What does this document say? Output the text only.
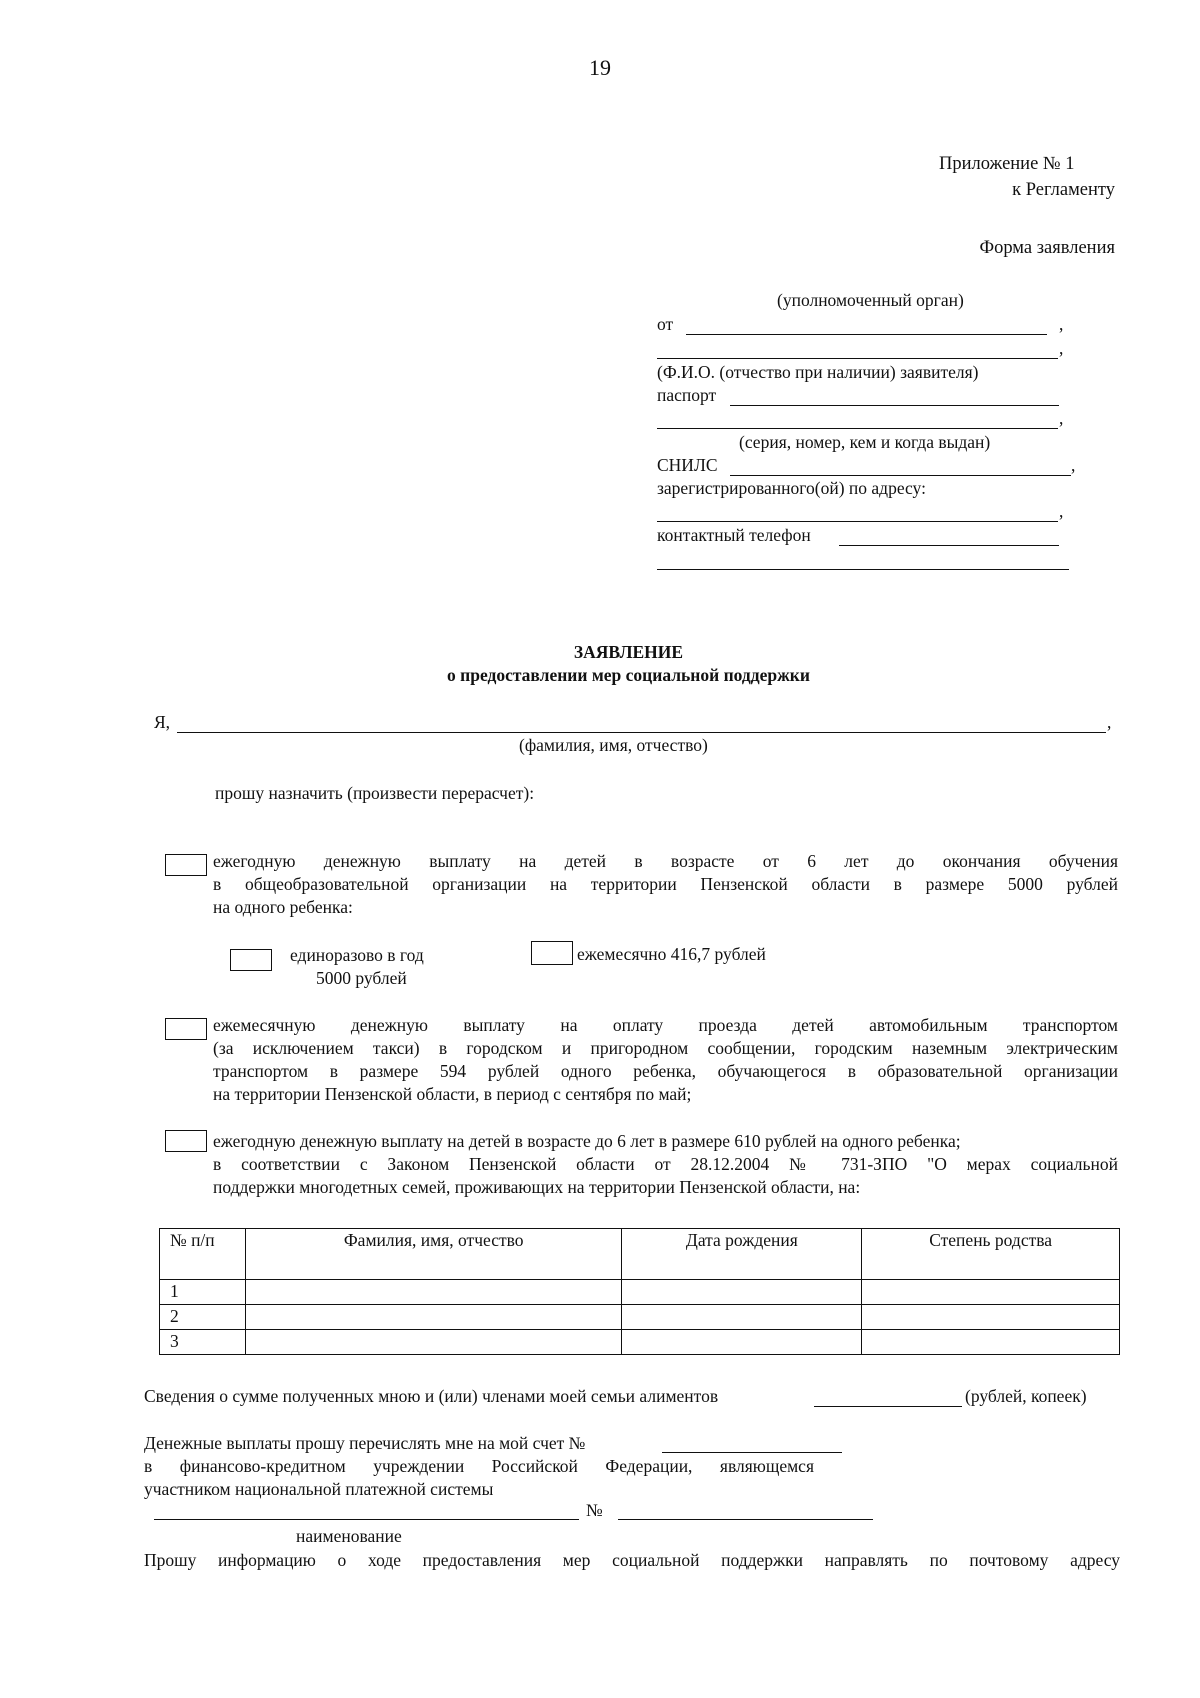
19
Приложение № 1
к Регламенту
Форма заявления
(уполномоченный орган)
от	,
,
(Ф.И.О. (отчество при наличии) заявителя)
паспорт
,
(серия, номер, кем и когда выдан)
СНИЛС	,
зарегистрированного(ой) по адресу:
,
контактный телефон
ЗАЯВЛЕНИЕ
о предоставлении мер социальной поддержки
Я,	,
(фамилия, имя, отчество)
прошу назначить (произвести перерасчет):
ежегодную денежную выплату на детей в возрасте от 6 лет до окончания обучения
в общеобразовательной организации на территории Пензенской области в размере 5000 рублей
на одного ребенка:
единоразово в год
5000 рублей
ежемесячно 416,7 рублей
ежемесячную денежную выплату на оплату проезда детей автомобильным транспортом
(за исключением такси) в городском и пригородном сообщении, городским наземным электрическим
транспортом в размере 594 рублей одного ребенка, обучающегося в образовательной организации
на территории Пензенской области, в период с сентября по май;
ежегодную денежную выплату на детей в возрасте до 6 лет в размере 610 рублей на одного ребенка;
в соответствии с Законом Пензенской области от 28.12.2004 № 731-ЗПО "О мерах социальной
поддержки многодетных семей, проживающих на территории Пензенской области, на:
№ п/п	Фамилия, имя, отчество	Дата рождения	Степень родства
1			
2			
3			
Сведения о сумме полученных мною и (или) членами моей семьи алиментов	(рублей, копеек)
Денежные выплаты прошу перечислять мне на мой счет №
в финансово-кредитном учреждении Российской Федерации, являющемся
участником национальной платежной системы
№
наименование
Прошу информацию о ходе предоставления мер социальной поддержки направлять по почтовому адресу
